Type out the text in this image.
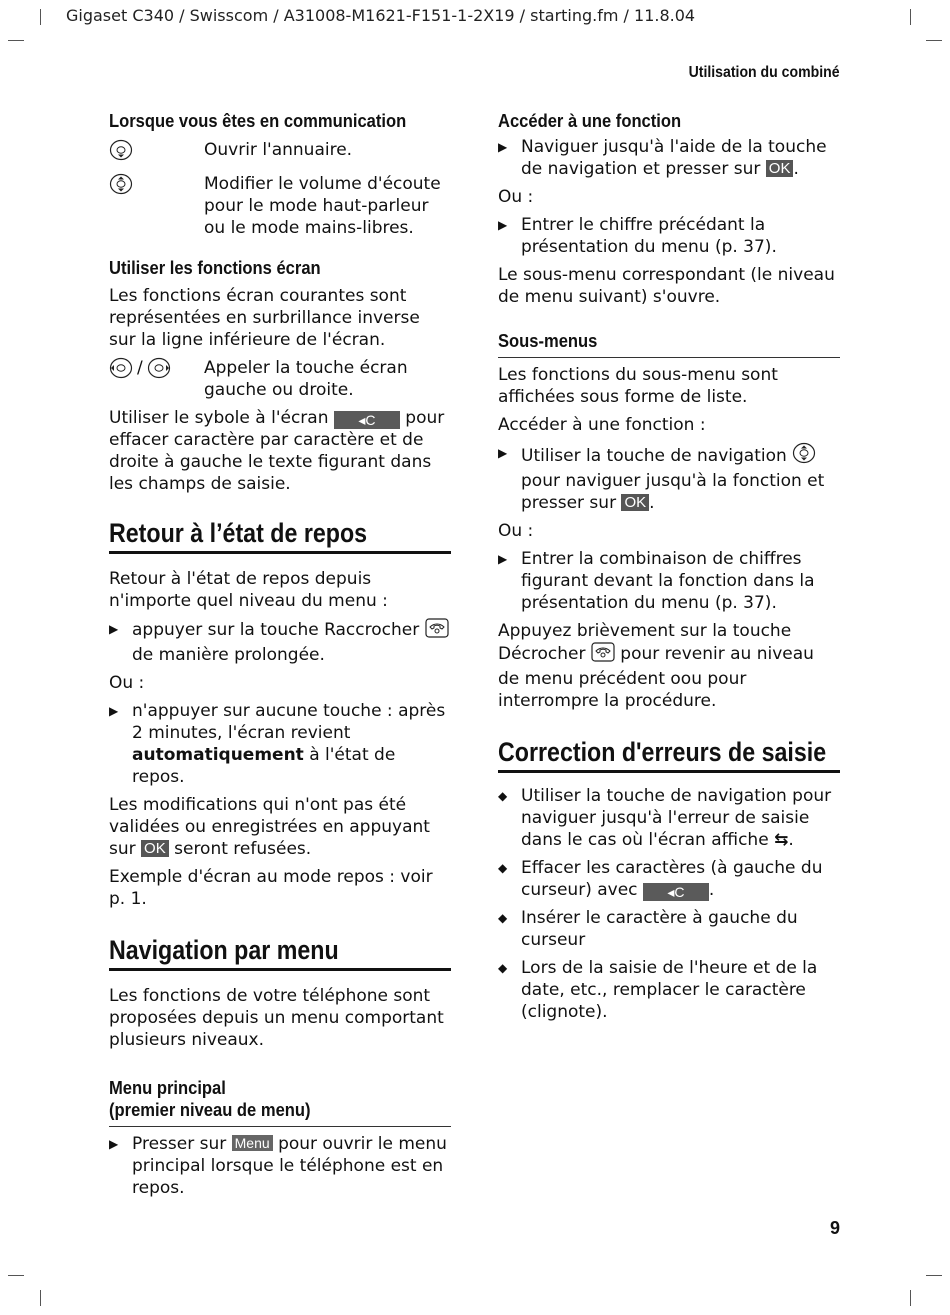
Gigaset C340 / Swisscom / A31008-M1621-F151-1-2X19 / starting.fm / 11.8.04
Utilisation du combiné
Lorsque vous êtes en communication
Ouvrir l'annuaire.
Modifier le volume d'écoute pour le mode haut-parleur ou le mode mains-libres.
Utiliser les fonctions écran

Les fonctions écran courantes sont représentées en surbrillance inverse sur la ligne inférieure de l'écran.

/	Appeler la touche écran gauche ou droite.

Utiliser le sybole à l'écran ◂C pour effacer caractère par caractère et de droite à gauche le texte figurant dans les champs de saisie.

Retour à l’état de repos

Retour à l'état de repos depuis n'importe quel niveau du menu :

▶ appuyer sur la touche Raccrocher  de manière prolongée.

Ou :

▶ n'appuyer sur aucune touche : après 2 minutes, l'écran revient automatiquement à l'état de repos.

Les modifications qui n'ont pas été validées ou enregistrées en appuyant sur OK seront refusées.

Exemple d'écran au mode repos : voir p. 1.

Navigation par menu

Les fonctions de votre téléphone sont proposées depuis un menu comportant plusieurs niveaux.

Menu principal
(premier niveau de menu)
▶ Presser sur Menu pour ouvrir le menu principal lorsque le téléphone est en repos.
Accéder à une fonction
▶ Naviguer jusqu'à l'aide de la touche de navigation et presser sur OK .

Ou :

▶ Entrer le chiffre précédant la présentation du menu (p. 37).

Le sous-menu correspondant (le niveau de menu suivant) s'ouvre.

Sous-menus

Les fonctions du sous-menu sont affichées sous forme de liste.

Accéder à une fonction :

▶ Utiliser la touche de navigation  pour naviguer jusqu'à la fonction et presser sur OK .

Ou :

▶ Entrer la combinaison de chiffres figurant devant la fonction dans la présentation du menu (p. 37).

Appuyez brièvement sur la touche Décrocher pour revenir au niveau de menu précédent oou pour interrompre la procédure.

Correction d'erreurs de saisie
◆ Utiliser la touche de navigation pour naviguer jusqu'à l'erreur de saisie dans le cas où l'écran affiche ⇆.
◆ Effacer les caractères (à gauche du curseur) avec ◂C .
◆ Insérer le caractère à gauche du curseur
◆ Lors de la saisie de l'heure et de la date, etc., remplacer le caractère (clignote).
9
